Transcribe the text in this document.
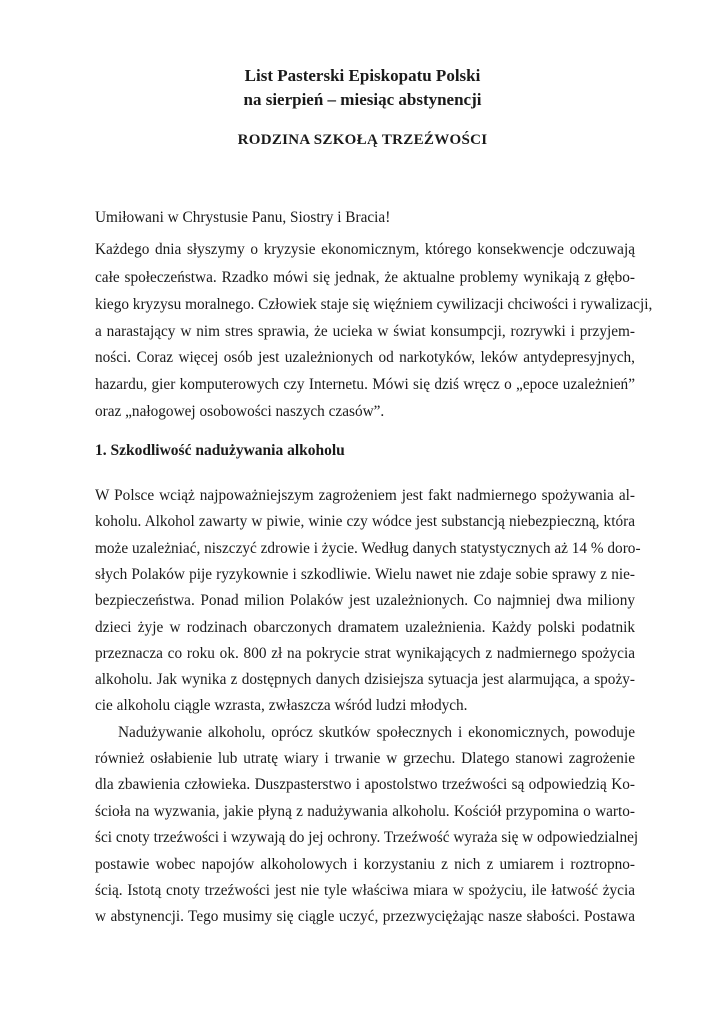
List Pasterski Episkopatu Polski
na sierpień – miesiąc abstynencji
RODZINA SZKOŁĄ TRZEŹWOŚCI

Umiłowani w Chrystusie Panu, Siostry i Bracia!

Każdego dnia słyszymy o kryzysie ekonomicznym, którego konsekwencje odczuwają

całe społeczeństwa. Rzadko mówi się jednak, że aktualne problemy wynikają z głębo-

kiego kryzysu moralnego. Człowiek staje się więźniem cywilizacji chciwości i rywalizacji,

a narastający w nim stres sprawia, że ucieka w świat konsumpcji, rozrywki i przyjem-

ności. Coraz więcej osób jest uzależnionych od narkotyków, leków antydepresyjnych,

hazardu, gier komputerowych czy Internetu. Mówi się dziś wręcz o „epoce uzależnień”

oraz „nałogowej osobowości naszych czasów”.

1. Szkodliwość nadużywania alkoholu

W Polsce wciąż najpoważniejszym zagrożeniem jest fakt nadmiernego spożywania al-

koholu. Alkohol zawarty w piwie, winie czy wódce jest substancją niebezpieczną, która

może uzależniać, niszczyć zdrowie i życie. Według danych statystycznych aż 14 % doro-

słych Polaków pije ryzykownie i szkodliwie. Wielu nawet nie zdaje sobie sprawy z nie-

bezpieczeństwa. Ponad milion Polaków jest uzależnionych. Co najmniej dwa miliony

dzieci żyje w rodzinach obarczonych dramatem uzależnienia. Każdy polski podatnik

przeznacza co roku ok. 800 zł na pokrycie strat wynikających z nadmiernego spożycia

alkoholu. Jak wynika z dostępnych danych dzisiejsza sytuacja jest alarmująca, a spoży-

cie alkoholu ciągle wzrasta, zwłaszcza wśród ludzi młodych.

Nadużywanie alkoholu, oprócz skutków społecznych i ekonomicznych, powoduje

również osłabienie lub utratę wiary i trwanie w grzechu. Dlatego stanowi zagrożenie

dla zbawienia człowieka. Duszpasterstwo i apostolstwo trzeźwości są odpowiedzią Ko-

ścioła na wyzwania, jakie płyną z nadużywania alkoholu. Kościół przypomina o warto-

ści cnoty trzeźwości i wzywają do jej ochrony. Trzeźwość wyraża się w odpowiedzialnej

postawie wobec napojów alkoholowych i korzystaniu z nich z umiarem i roztropno-

ścią. Istotą cnoty trzeźwości jest nie tyle właściwa miara w spożyciu, ile łatwość życia

w abstynencji. Tego musimy się ciągle uczyć, przezwyciężając nasze słabości. Postawa
